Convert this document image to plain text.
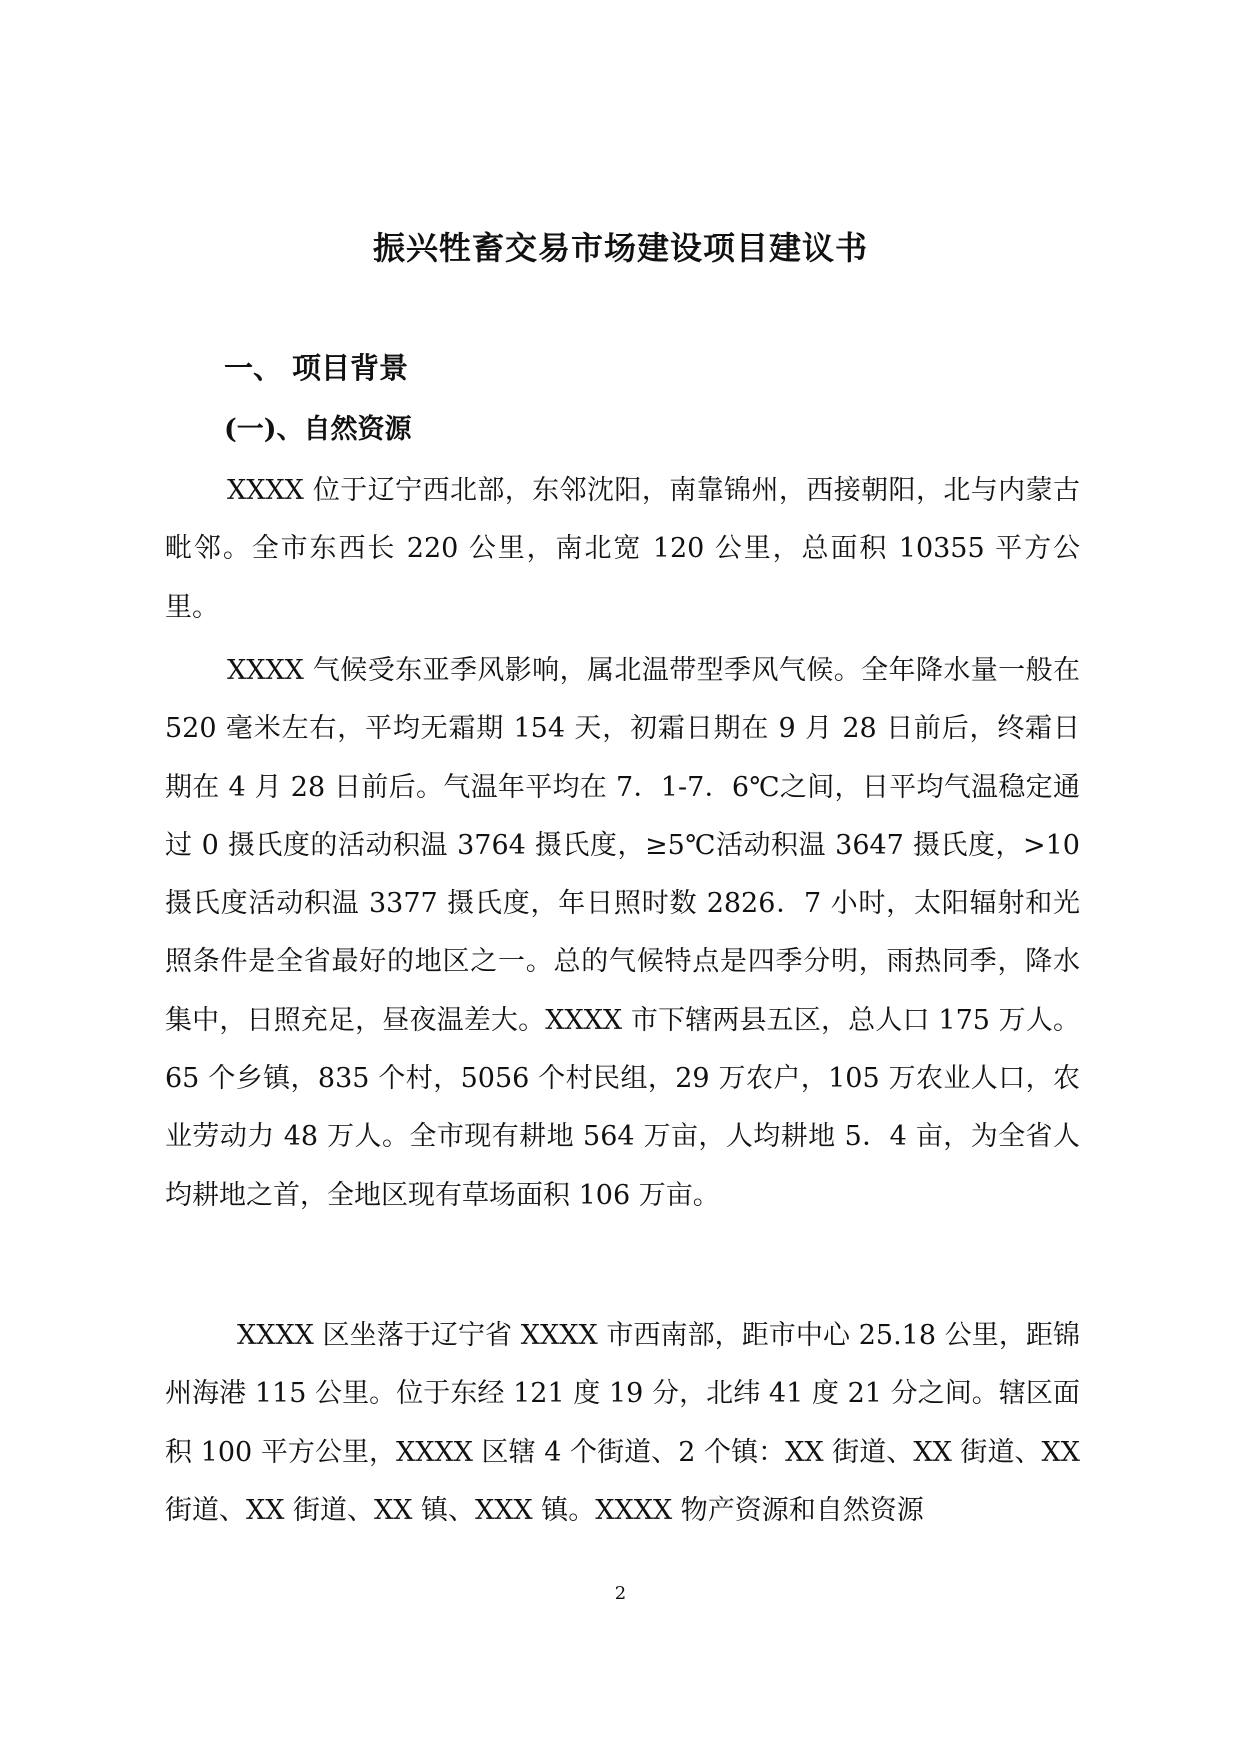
振兴牲畜交易市场建设项目建议书
一、 项目背景
(一)、自然资源

XXXX 位于辽宁西北部，东邻沈阳，南靠锦州，西接朝阳，北与内蒙古毗邻。全市东西长 220 公里，南北宽 120 公里，总面积 10355 平方公里。

XXXX 气候受东亚季风影响，属北温带型季风气候。全年降水量一般在 520 毫米左右，平均无霜期 154 天，初霜日期在 9 月 28 日前后，终霜日期在 4 月 28 日前后。气温年平均在 7．1-7．6℃之间，日平均气温稳定通过 0 摄氏度的活动积温 3764 摄氏度，≥5℃活动积温 3647 摄氏度，>10 摄氏度活动积温 3377 摄氏度，年日照时数 2826．7 小时，太阳辐射和光照条件是全省最好的地区之一。总的气候特点是四季分明，雨热同季，降水集中，日照充足，昼夜温差大。XXXX 市下辖两县五区，总人口 175 万人。 65 个乡镇，835 个村，5056 个村民组，29 万农户，105 万农业人口，农业劳动力 48 万人。全市现有耕地 564 万亩，人均耕地 5．4 亩，为全省人均耕地之首，全地区现有草场面积 106 万亩。

XXXX 区坐落于辽宁省 XXXX 市西南部，距市中心 25.18 公里，距锦州海港 115 公里。位于东经 121 度 19 分，北纬 41 度 21 分之间。辖区面积 100 平方公里，XXXX 区辖 4 个街道、2 个镇：XX 街道、XX 街道、XX 街道、XX 街道、XX 镇、XXX 镇。XXXX 物产资源和自然资源

2
